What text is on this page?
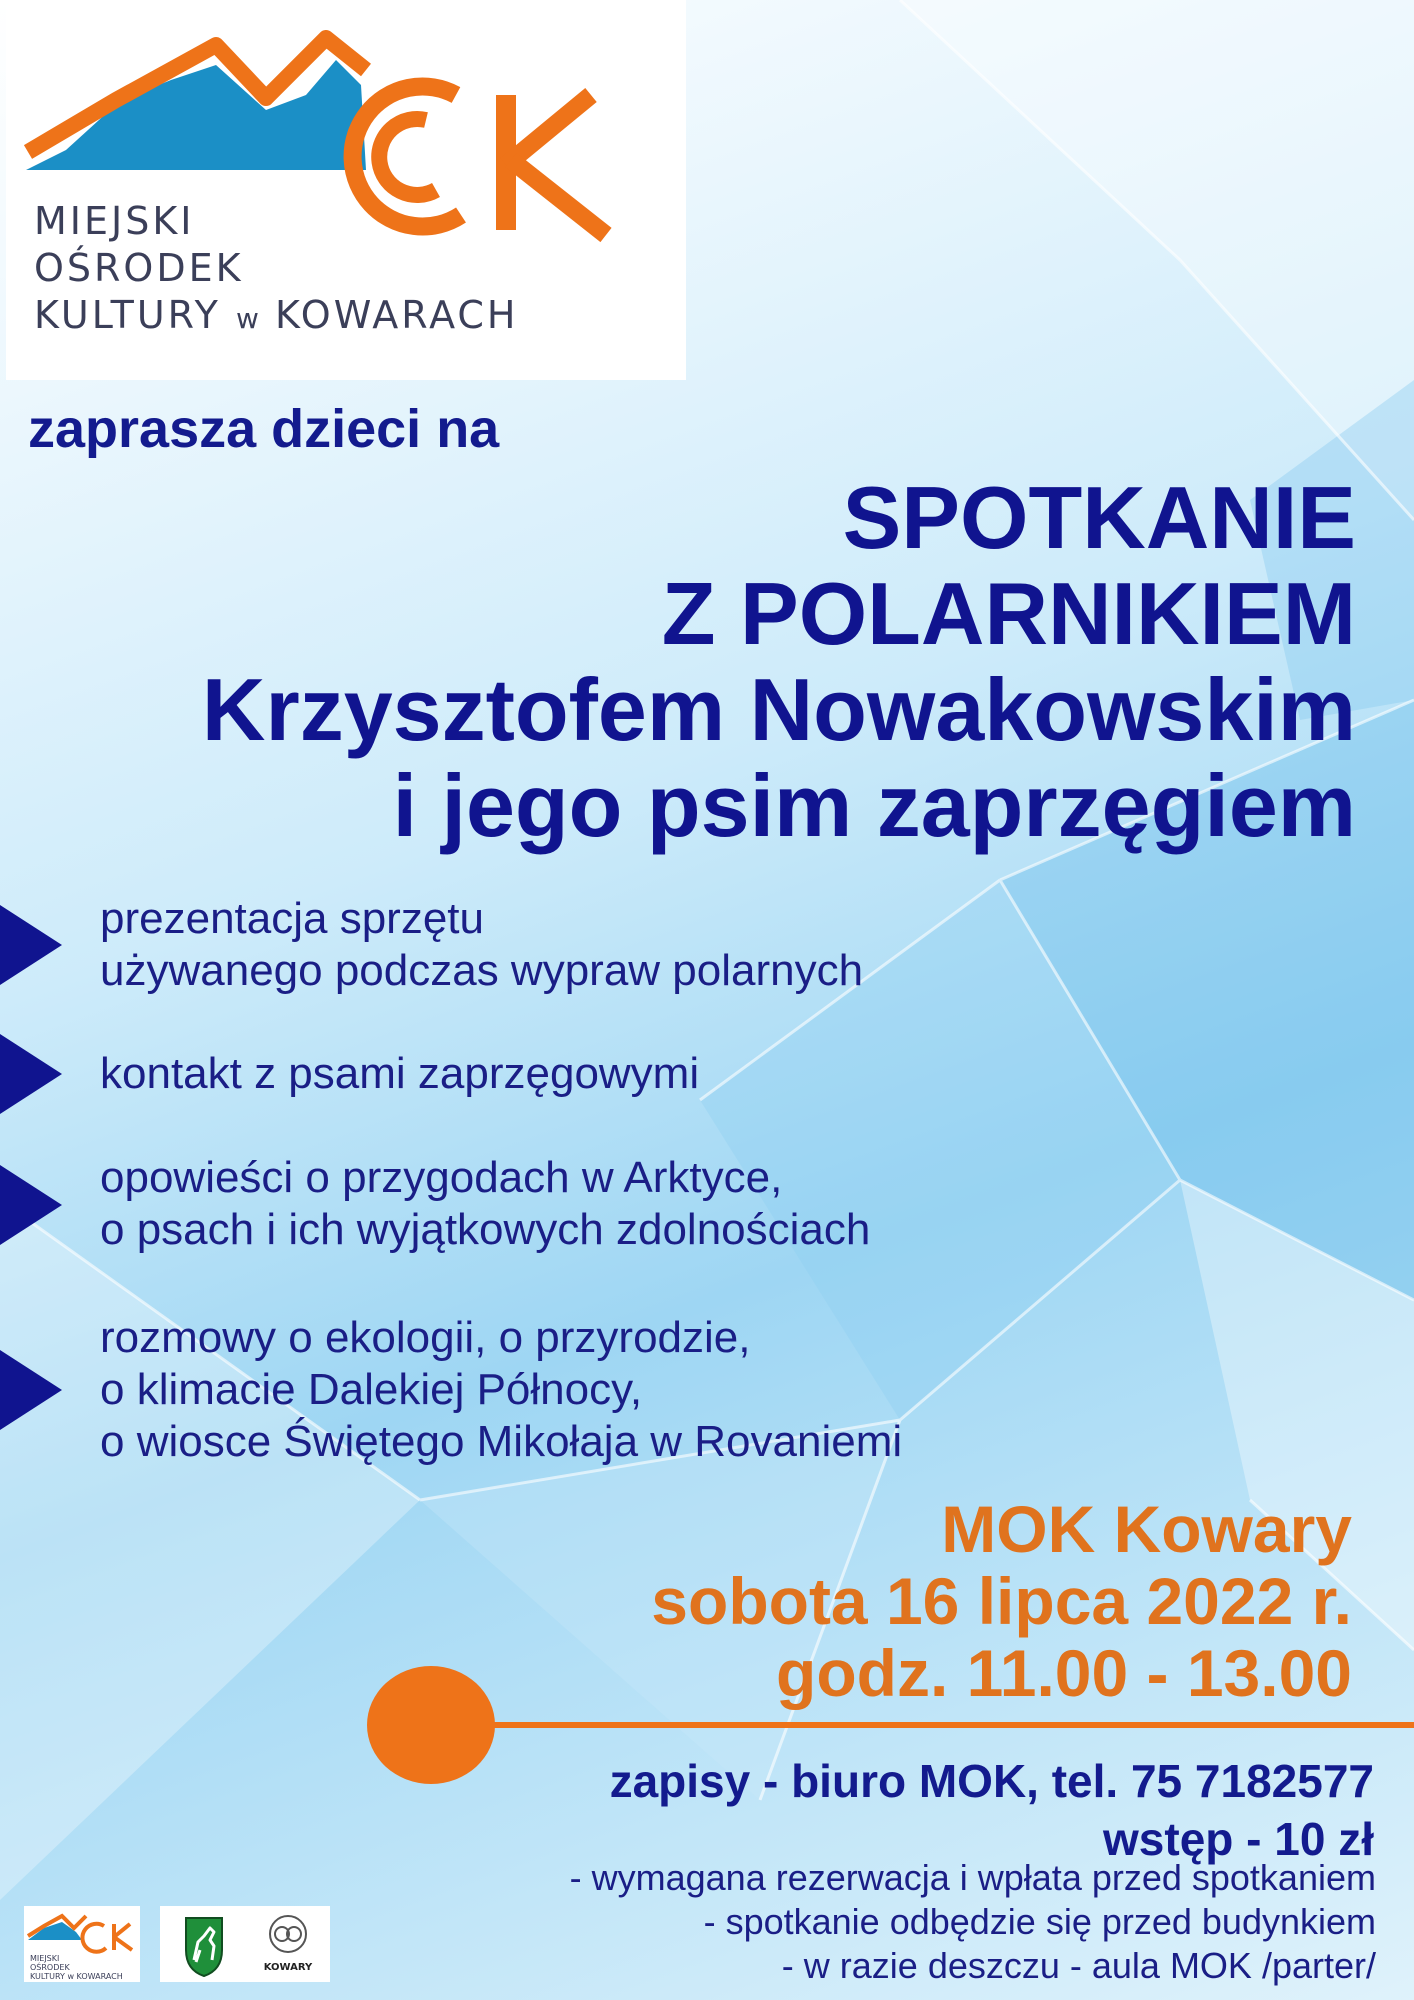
MIEJSKI
OŚRODEK
KULTURY w KOWARACH
zaprasza dzieci na
SPOTKANIE
Z POLARNIKIEM
Krzysztofem Nowakowskim
i jego psim zaprzęgiem
prezentacja sprzętu
używanego podczas wypraw polarnych
kontakt z psami zaprzęgowymi
opowieści o przygodach w Arktyce,
o psach i ich wyjątkowych zdolnościach
rozmowy o ekologii, o przyrodzie,
o klimacie Dalekiej Północy,
o wiosce Świętego Mikołaja w Rovaniemi
MOK Kowary
sobota 16 lipca 2022 r.
godz. 11.00 - 13.00
zapisy - biuro MOK, tel. 75 7182577
wstęp - 10 zł
- wymagana rezerwacja i wpłata przed spotkaniem
- spotkanie odbędzie się przed budynkiem
- w razie deszczu - aula MOK /parter/
MIEJSKI
OŚRODEK
KULTURY w KOWARACH
KOWARY
